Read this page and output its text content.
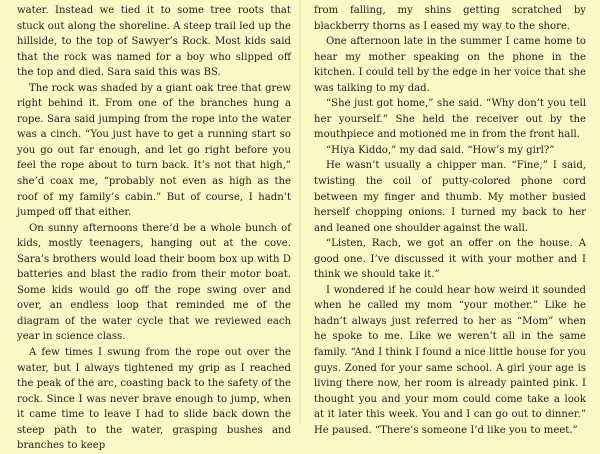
water. Instead we tied it to some tree roots that stuck out along the shoreline. A steep trail led up the hillside, to the top of Sawyer’s Rock. Most kids said that the rock was named for a boy who slipped off the top and died. Sara said this was BS.

The rock was shaded by a giant oak tree that grew right behind it. From one of the branches hung a rope. Sara said jumping from the rope into the water was a cinch. “You just have to get a running start so you go out far enough, and let go right before you feel the rope about to turn back. It’s not that high,” she’d coax me, “probably not even as high as the roof of my family’s cabin.” But of course, I hadn’t jumped off that either.

On sunny afternoons there’d be a whole bunch of kids, mostly teenagers, hanging out at the cove. Sara’s brothers would load their boom box up with D batteries and blast the radio from their motor boat. Some kids would go off the rope swing over and over, an endless loop that reminded me of the diagram of the water cycle that we reviewed each year in science class.

A few times I swung from the rope out over the water, but I always tightened my grip as I reached the peak of the arc, coasting back to the safety of the rock. Since I was never brave enough to jump, when it came time to leave I had to slide back down the steep path to the water, grasping bushes and branches to keep

from falling, my shins getting scratched by blackberry thorns as I eased my way to the shore.

One afternoon late in the summer I came home to hear my mother speaking on the phone in the kitchen. I could tell by the edge in her voice that she was talking to my dad.

“She just got home,” she said. “Why don’t you tell her yourself.” She held the receiver out by the mouthpiece and motioned me in from the front hall.

“Hiya Kiddo,” my dad said. “How’s my girl?”

He wasn’t usually a chipper man. “Fine,” I said, twisting the coil of putty-colored phone cord between my finger and thumb. My mother busied herself chopping onions. I turned my back to her and leaned one shoulder against the wall.

“Listen, Rach, we got an offer on the house. A good one. I’ve discussed it with your mother and I think we should take it.”

I wondered if he could hear how weird it sounded when he called my mom “your mother.” Like he hadn’t always just referred to her as “Mom” when he spoke to me. Like we weren’t all in the same family. “And I think I found a nice little house for you guys. Zoned for your same school. A girl your age is living there now, her room is already painted pink. I thought you and your mom could come take a look at it later this week. You and I can go out to dinner.” He paused. “There’s someone I’d like you to meet.”
